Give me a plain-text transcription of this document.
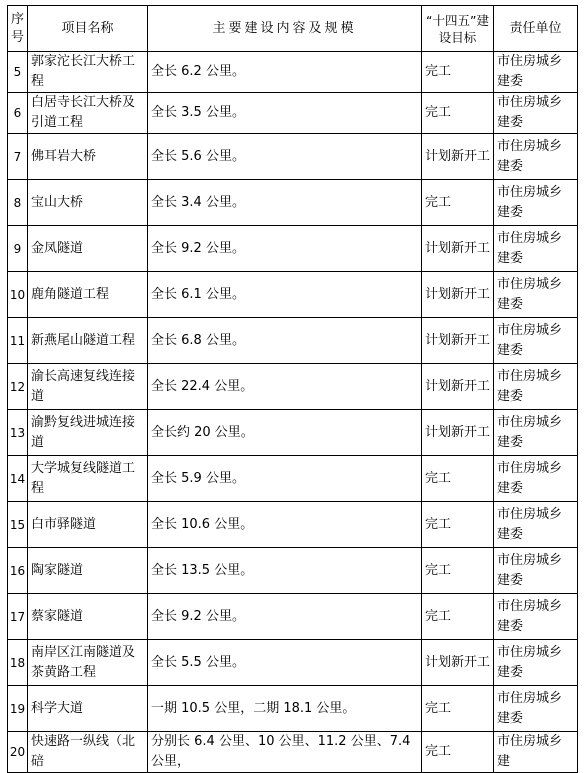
序号	项目名称	主要建设内容及规模	“十四五”建设目标	责任单位
5	郭家沱长江大桥工程	全长 6.2 公里。	完工	市住房城乡建委
6	白居寺长江大桥及引道工程	全长 3.5 公里。	完工	市住房城乡建委
7	佛耳岩大桥	全长 5.6 公里。	计划新开工	市住房城乡建委
8	宝山大桥	全长 3.4 公里。	完工	市住房城乡建委
9	金凤隧道	全长 9.2 公里。	计划新开工	市住房城乡建委
10	鹿角隧道工程	全长 6.1 公里。	计划新开工	市住房城乡建委
11	新燕尾山隧道工程	全长 6.8 公里。	计划新开工	市住房城乡建委
12	渝长高速复线连接道	全长 22.4 公里。	计划新开工	市住房城乡建委
13	渝黔复线进城连接道	全长约 20 公里。	计划新开工	市住房城乡建委
14	大学城复线隧道工程	全长 5.9 公里。	完工	市住房城乡建委
15	白市驿隧道	全长 10.6 公里。	完工	市住房城乡建委
16	陶家隧道	全长 13.5 公里。	完工	市住房城乡建委
17	蔡家隧道	全长 9.2 公里。	完工	市住房城乡建委
18	南岸区江南隧道及茶黄路工程	全长 5.5 公里。	计划新开工	市住房城乡建委
19	科学大道	一期 10.5 公里，二期 18.1 公里。	完工	市住房城乡建委
20	快速路一纵线（北碚	分别长 6.4 公里、10 公里、11.2 公里、7.4 公里，	完工	市住房城乡建
